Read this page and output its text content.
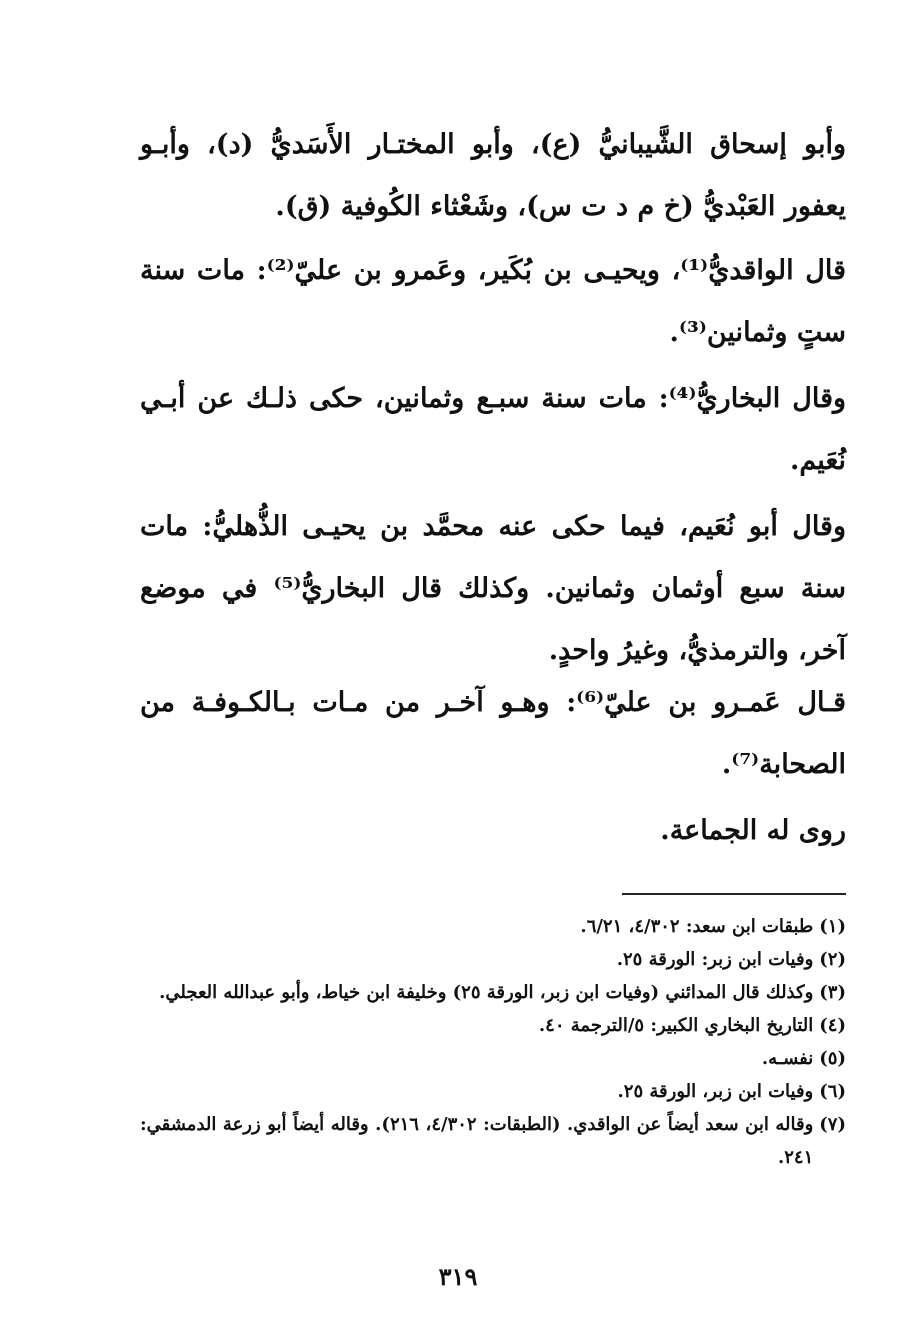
وأبو إسحاق الشَّيبانيُّ (ع)، وأبو المختـار الأَسَديُّ (د)، وأبـو يعفور العَبْديُّ (خ م د ت س)، وشَعْثاء الكُوفية (ق).
قال الواقديُّ⁽¹⁾، ويحيـى بن بُكَير، وعَمرو بن عليّ⁽²⁾: مات سنة ستٍ وثمانين⁽³⁾.
وقال البخاريُّ⁽⁴⁾: مات سنة سبـع وثمانين، حكى ذلـك عن أبـي نُعَيم.
وقال أبو نُعَيم، فيما حكى عنه محمَّد بن يحيـى الذُّهليُّ: مات سنة سبع أوثمان وثمانين. وكذلك قال البخاريُّ⁽⁵⁾ في موضع آخر، والترمذيُّ، وغيرُ واحدٍ.
قـال عَمـرو بن عليّ⁽⁶⁾: وهـو آخـر من مـات بـالكـوفـة من الصحابة⁽⁷⁾.
روى له الجماعة.
(١)
طبقات ابن سعد: ٤/٣٠٢، ٦/٢١.
(٢)
وفيات ابن زبر: الورقة ٢٥.
(٣)
وكذلك قال المدائني (وفيات ابن زبر، الورقة ٢٥) وخليفة ابن خياط، وأبو عبدالله العجلي.
(٤)
التاريخ البخاري الكبير: ٥/الترجمة ٤٠.
(٥)
نفسـه.
(٦)
وفيات ابن زبر، الورقة ٢٥.
(٧)
وقاله ابن سعد أيضاً عن الواقدي. (الطبقات: ٤/٣٠٢، ٢١٦). وقاله أيضاً أبو زرعة الدمشقي: ٢٤١.
٣١٩
